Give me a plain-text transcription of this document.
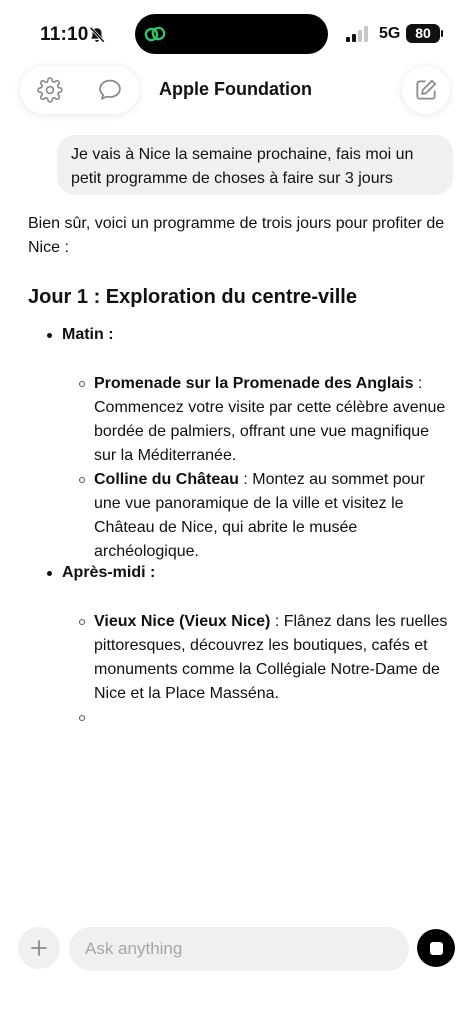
11:10	5G	80
Apple Foundation
Je vais à Nice la semaine prochaine, fais moi un petit programme de choses à faire sur 3 jours

Bien sûr, voici un programme de trois jours pour profiter de Nice :

Jour 1 : Exploration du centre-ville
Matin :
Promenade sur la Promenade des Anglais : Commencez votre visite par cette célèbre avenue bordée de palmiers, offrant une vue magnifique sur la Méditerranée.
Colline du Château : Montez au sommet pour une vue panoramique de la ville et visitez le Château de Nice, qui abrite le musée archéologique.
Après-midi :
Vieux Nice (Vieux Nice) : Flânez dans les ruelles pittoresques, découvrez les boutiques, cafés et monuments comme la Collégiale Notre-Dame de Nice et la Place Masséna.
Ask anything
